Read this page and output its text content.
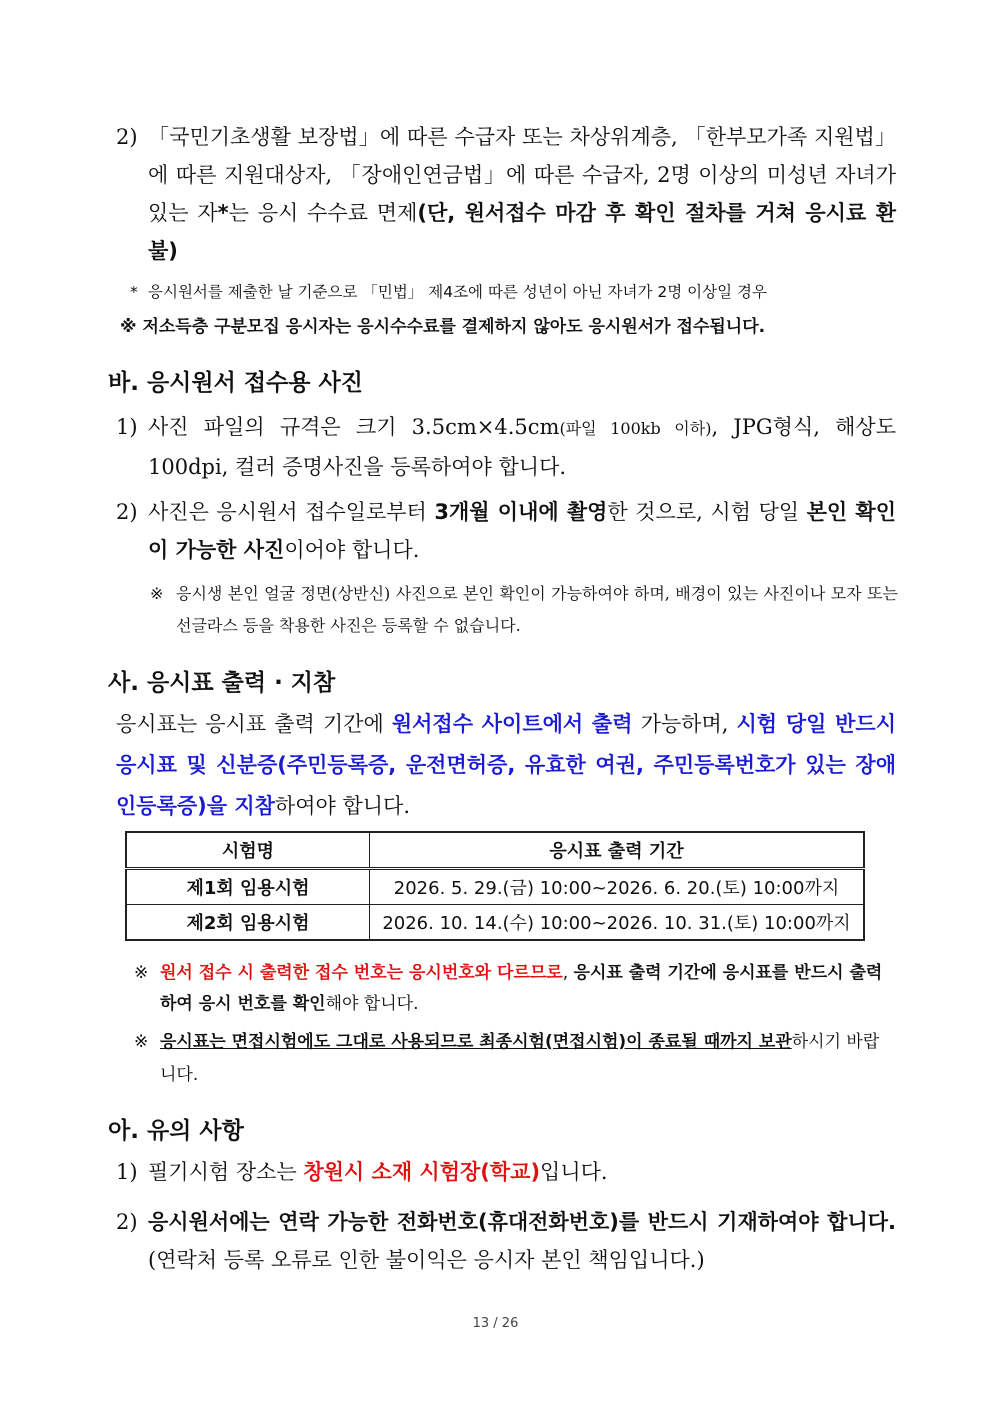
2) 「국민기초생활 보장법」에 따른 수급자 또는 차상위계층, 「한부모가족 지원법」에 따른 지원대상자, 「장애인연금법」에 따른 수급자, 2명 이상의 미성년 자녀가 있는 자*는 응시 수수료 면제(단, 원서접수 마감 후 확인 절차를 거쳐 응시료 환불)
* 응시원서를 제출한 날 기준으로 「민법」 제4조에 따른 성년이 아닌 자녀가 2명 이상일 경우
※ 저소득층 구분모집 응시자는 응시수수료를 결제하지 않아도 응시원서가 접수됩니다.
바. 응시원서 접수용 사진
1) 사진 파일의 규격은 크기 3.5cm×4.5cm(파일 100kb 이하), JPG형식, 해상도 100dpi, 컬러 증명사진을 등록하여야 합니다.
2) 사진은 응시원서 접수일로부터 3개월 이내에 촬영한 것으로, 시험 당일 본인 확인이 가능한 사진이어야 합니다.
※ 응시생 본인 얼굴 정면(상반신) 사진으로 본인 확인이 가능하여야 하며, 배경이 있는 사진이나 모자 또는 선글라스 등을 착용한 사진은 등록할 수 없습니다.
사. 응시표 출력 · 지참
응시표는 응시표 출력 기간에 원서접수 사이트에서 출력 가능하며, 시험 당일 반드시 응시표 및 신분증(주민등록증, 운전면허증, 유효한 여권, 주민등록번호가 있는 장애인등록증)을 지참하여야 합니다.
시험명	응시표 출력 기간
제1회 임용시험	2026. 5. 29.(금) 10:00~2026. 6. 20.(토) 10:00까지
제2회 임용시험	2026. 10. 14.(수) 10:00~2026. 10. 31.(토) 10:00까지
※ 원서 접수 시 출력한 접수 번호는 응시번호와 다르므로, 응시표 출력 기간에 응시표를 반드시 출력하여 응시 번호를 확인해야 합니다.
※ 응시표는 면접시험에도 그대로 사용되므로 최종시험(면접시험)이 종료될 때까지 보관하시기 바랍니다.
아. 유의 사항
1) 필기시험 장소는 창원시 소재 시험장(학교)입니다.
2) 응시원서에는 연락 가능한 전화번호(휴대전화번호)를 반드시 기재하여야 합니다.(연락처 등록 오류로 인한 불이익은 응시자 본인 책임입니다.)
13 / 26
